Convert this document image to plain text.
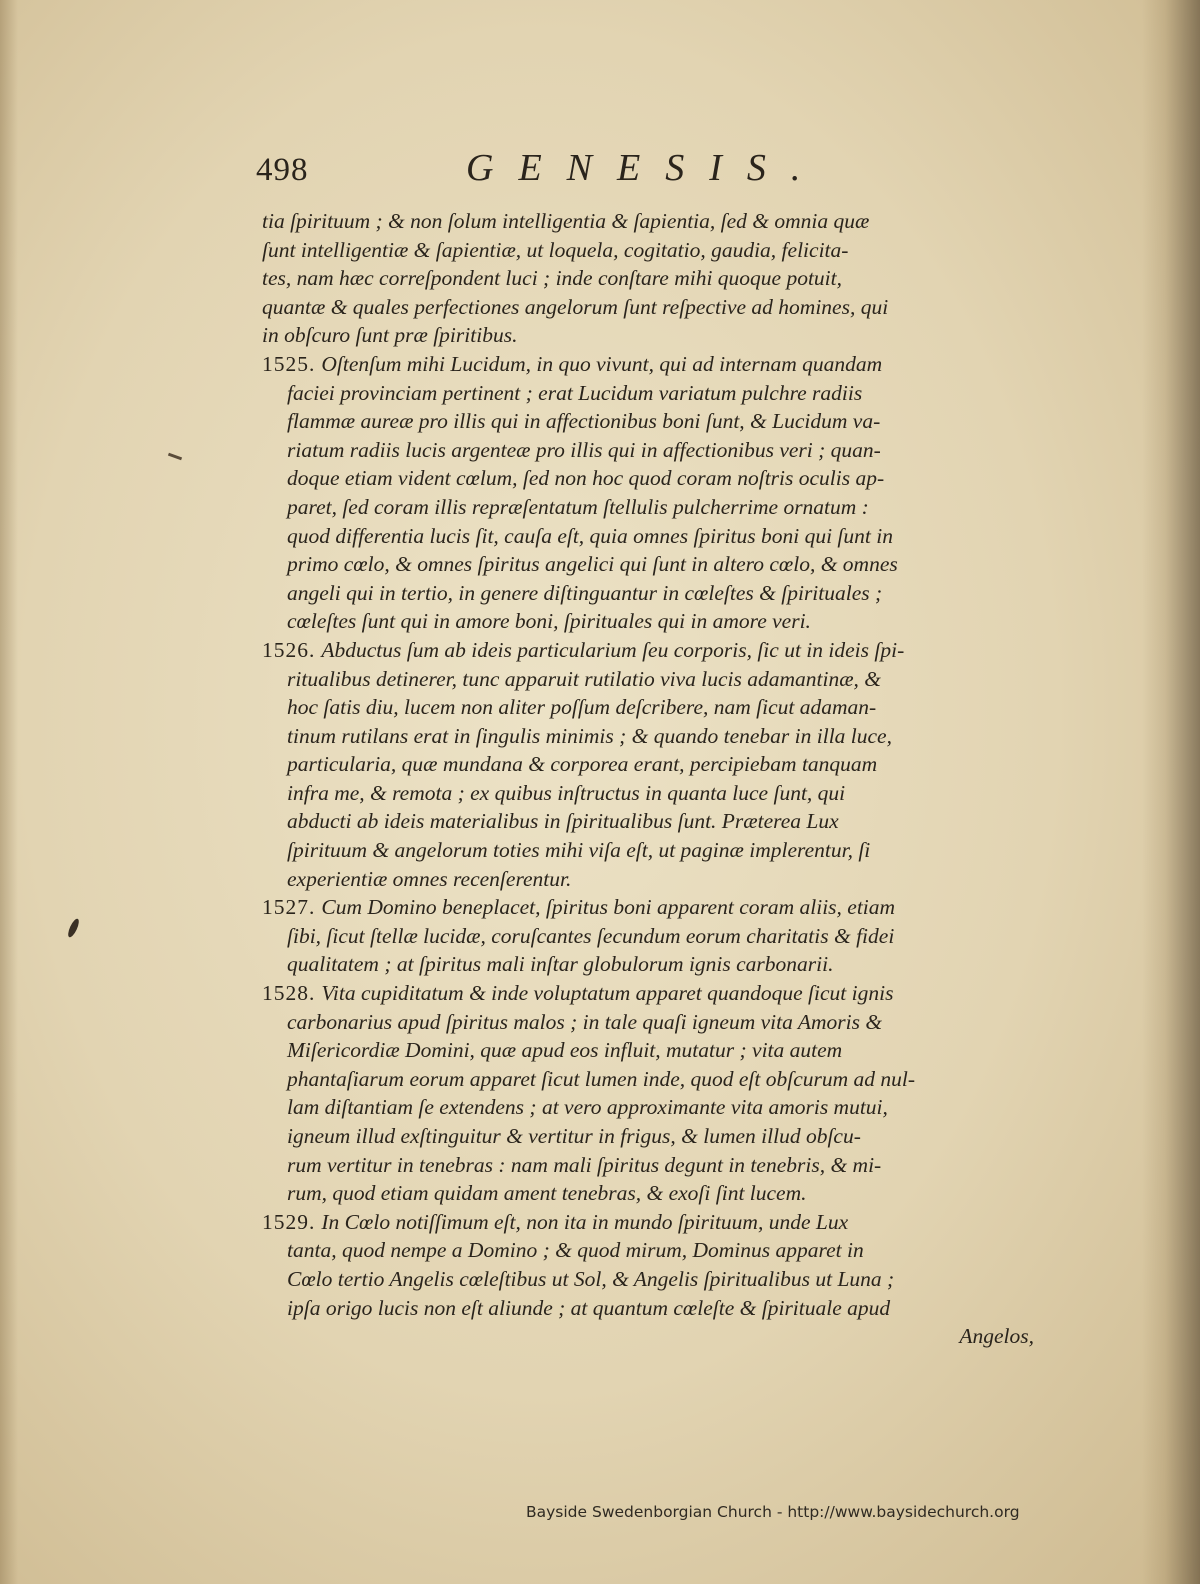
498	GENESIS.
tia ſpirituum ; & non ſolum intelligentia & ſapientia, ſed & omnia quæ
ſunt intelligentiæ & ſapientiæ, ut loquela, cogitatio, gaudia, felicita-
tes, nam hæc correſpondent luci ; inde conſtare mihi quoque potuit,
quantæ & quales perfectiones angelorum ſunt reſpective ad homines, qui
in obſcuro ſunt præ ſpiritibus.
1525. Oſtenſum mihi Lucidum, in quo vivunt, qui ad internam quandam
faciei provinciam pertinent ; erat Lucidum variatum pulchre radiis
flammæ aureæ pro illis qui in affectionibus boni ſunt, & Lucidum va-
riatum radiis lucis argenteæ pro illis qui in affectionibus veri ; quan-
doque etiam vident cœlum, ſed non hoc quod coram noſtris oculis ap-
paret, ſed coram illis repræſentatum ſtellulis pulcherrime ornatum :
quod differentia lucis ſit, cauſa eſt, quia omnes ſpiritus boni qui ſunt in
primo cœlo, & omnes ſpiritus angelici qui ſunt in altero cœlo, & omnes
angeli qui in tertio, in genere diſtinguantur in cœleſtes & ſpirituales ;
cœleſtes ſunt qui in amore boni, ſpirituales qui in amore veri.
1526. Abductus ſum ab ideis particularium ſeu corporis, ſic ut in ideis ſpi-
ritualibus detinerer, tunc apparuit rutilatio viva lucis adamantinæ, &
hoc ſatis diu, lucem non aliter poſſum deſcribere, nam ſicut adaman-
tinum rutilans erat in ſingulis minimis ; & quando tenebar in illa luce,
particularia, quæ mundana & corporea erant, percipiebam tanquam
infra me, & remota ; ex quibus inſtructus in quanta luce ſunt, qui
abducti ab ideis materialibus in ſpiritualibus ſunt. Præterea Lux
ſpirituum & angelorum toties mihi viſa eſt, ut paginæ implerentur, ſi
experientiæ omnes recenſerentur.
1527. Cum Domino beneplacet, ſpiritus boni apparent coram aliis, etiam
ſibi, ſicut ſtellæ lucidæ, coruſcantes ſecundum eorum charitatis & fidei
qualitatem ; at ſpiritus mali inſtar globulorum ignis carbonarii.
1528. Vita cupiditatum & inde voluptatum apparet quandoque ſicut ignis
carbonarius apud ſpiritus malos ; in tale quaſi igneum vita Amoris &
Miſericordiæ Domini, quæ apud eos influit, mutatur ; vita autem
phantaſiarum eorum apparet ſicut lumen inde, quod eſt obſcurum ad nul-
lam diſtantiam ſe extendens ; at vero approximante vita amoris mutui,
igneum illud exſtinguitur & vertitur in frigus, & lumen illud obſcu-
rum vertitur in tenebras : nam mali ſpiritus degunt in tenebris, & mi-
rum, quod etiam quidam ament tenebras, & exoſi ſint lucem.
1529. In Cœlo notiſſimum eſt, non ita in mundo ſpirituum, unde Lux
tanta, quod nempe a Domino ; & quod mirum, Dominus apparet in
Cœlo tertio Angelis cœleſtibus ut Sol, & Angelis ſpiritualibus ut Luna ;
ipſa origo lucis non eſt aliunde ; at quantum cœleſte & ſpirituale apud
Angelos,
Bayside Swedenborgian Church - http://www.baysidechurch.org
